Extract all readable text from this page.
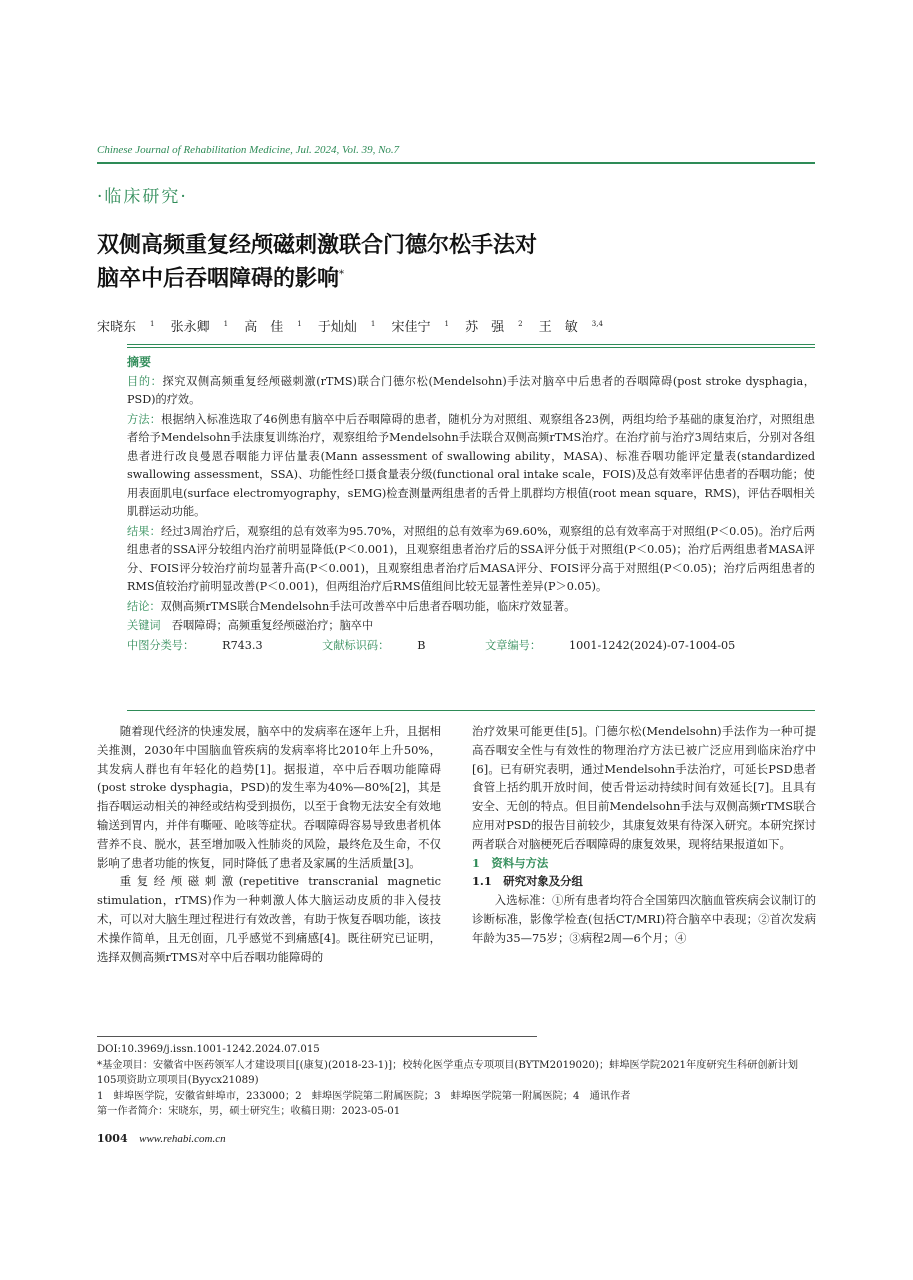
Chinese Journal of Rehabilitation Medicine, Jul. 2024, Vol. 39, No.7
·临床研究·
双侧高频重复经颅磁刺激联合门德尔松手法对
脑卒中后吞咽障碍的影响*
宋晓东 $^1$ 张永卿 $^1$ 高　佳 $^1$ 于灿灿 $^1$ 宋佳宁 $^1$ 苏　强 $^2$ 王　敏 $^{3,4}$

摘要

目的：探究双侧高频重复经颅磁刺激(rTMS)联合门德尔松(Mendelsohn)手法对脑卒中后患者的吞咽障碍(post stroke dysphagia，PSD)的疗效。

方法：根据纳入标准选取了46例患有脑卒中后吞咽障碍的患者，随机分为对照组、观察组各23例，两组均给予基础的康复治疗，对照组患者给予Mendelsohn手法康复训练治疗，观察组给予Mendelsohn手法联合双侧高频rTMS治疗。在治疗前与治疗3周结束后，分别对各组患者进行改良曼恩吞咽能力评估量表(Mann assessment of swallowing ability，MASA)、标准吞咽功能评定量表(standardized swallowing assessment，SSA)、功能性经口摄食量表分级(functional oral intake scale，FOIS)及总有效率评估患者的吞咽功能；使用表面肌电(surface electromyography，sEMG)检查测量两组患者的舌骨上肌群均方根值(root mean square，RMS)，评估吞咽相关肌群运动功能。

结果：经过3周治疗后，观察组的总有效率为95.70%，对照组的总有效率为69.60%，观察组的总有效率高于对照组(P＜0.05)。治疗后两组患者的SSA评分较组内治疗前明显降低(P＜0.001)，且观察组患者治疗后的SSA评分低于对照组(P＜0.05)；治疗后两组患者MASA评分、FOIS评分较治疗前均显著升高(P＜0.001)，且观察组患者治疗后MASA评分、FOIS评分高于对照组(P＜0.05)；治疗后两组患者的RMS值较治疗前明显改善(P＜0.001)，但两组治疗后RMS值组间比较无显著性差异(P＞0.05)。

结论：双侧高频rTMS联合Mendelsohn手法可改善卒中后患者吞咽功能，临床疗效显著。

关键词　 吞咽障碍；高频重复经颅磁治疗；脑卒中

中图分类号：	R743.3	文献标识码：	B	文章编号：	1001-1242(2024)-07-1004-05

随着现代经济的快速发展，脑卒中的发病率在逐年上升，且据相关推测，2030年中国脑血管疾病的发病率将比2010年上升50%，其发病人群也有年轻化的趋势[1]。据报道，卒中后吞咽功能障碍(post stroke dysphagia，PSD)的发生率为40%—80%[2]，其是指吞咽运动相关的神经或结构受到损伤，以至于食物无法安全有效地输送到胃内，并伴有嘶哑、呛咳等症状。吞咽障碍容易导致患者机体营养不良、脱水，甚至增加吸入性肺炎的风险，最终危及生命，不仅影响了患者功能的恢复，同时降低了患者及家属的生活质量[3]。

重复经颅磁刺激(repetitive transcranial magnetic stimulation，rTMS)作为一种刺激人体大脑运动皮质的非入侵技术，可以对大脑生理过程进行有效改善，有助于恢复吞咽功能，该技术操作简单，且无创面，几乎感觉不到痛感[4]。既往研究已证明，选择双侧高频rTMS对卒中后吞咽功能障碍的

治疗效果可能更佳[5]。门德尔松(Mendelsohn)手法作为一种可提高吞咽安全性与有效性的物理治疗方法已被广泛应用到临床治疗中[6]。已有研究表明，通过Mendelsohn手法治疗，可延长PSD患者食管上括约肌开放时间，使舌骨运动持续时间有效延长[7]。且具有安全、无创的特点。但目前Mendelsohn手法与双侧高频rTMS联合应用对PSD的报告目前较少，其康复效果有待深入研究。本研究探讨两者联合对脑梗死后吞咽障碍的康复效果，现将结果报道如下。

1　资料与方法

1.1　研究对象及分组

入选标准：①所有患者均符合全国第四次脑血管疾病会议制订的诊断标准，影像学检查(包括CT/MRI)符合脑卒中表现；②首次发病年龄为35—75岁；③病程2周—6个月；④

DOI:10.3969/j.issn.1001-1242.2024.07.015

*基金项目：安徽省中医药领军人才建设项目[(康复)(2018-23-1)]；校转化医学重点专项项目(BYTM2019020)；蚌埠医学院2021年度研究生科研创新计划105项资助立项项目(Byycx21089)

1　蚌埠医学院，安徽省蚌埠市，233000；2　蚌埠医学院第二附属医院；3　蚌埠医学院第一附属医院；4　通讯作者

第一作者简介：宋晓东，男，硕士研究生；收稿日期：2023-05-01

1004 www.rehabi.com.cn
